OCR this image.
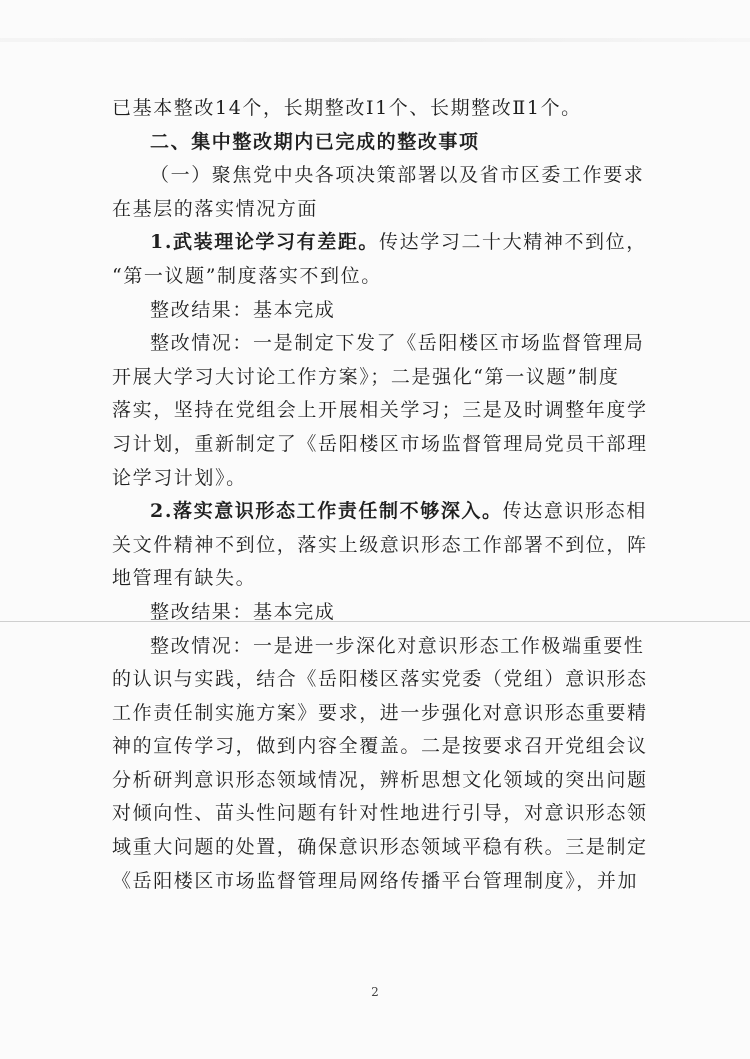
已基本整改14个，长期整改Ⅰ1个、长期整改Ⅱ1个。
二、集中整改期内已完成的整改事项
（一）聚焦党中央各项决策部署以及省市区委工作要求
在基层的落实情况方面
1.武装理论学习有差距。传达学习二十大精神不到位，
“第一议题”制度落实不到位。
整改结果：基本完成
整改情况：一是制定下发了《岳阳楼区市场监督管理局
开展大学习大讨论工作方案》；二是强化“第一议题”制度
落实，坚持在党组会上开展相关学习；三是及时调整年度学
习计划，重新制定了《岳阳楼区市场监督管理局党员干部理
论学习计划》。
2.落实意识形态工作责任制不够深入。传达意识形态相
关文件精神不到位，落实上级意识形态工作部署不到位，阵
地管理有缺失。
整改结果：基本完成
整改情况：一是进一步深化对意识形态工作极端重要性
的认识与实践，结合《岳阳楼区落实党委（党组）意识形态
工作责任制实施方案》要求，进一步强化对意识形态重要精
神的宣传学习，做到内容全覆盖。二是按要求召开党组会议
分析研判意识形态领域情况，辨析思想文化领域的突出问题
对倾向性、苗头性问题有针对性地进行引导，对意识形态领
域重大问题的处置，确保意识形态领域平稳有秩。三是制定
《岳阳楼区市场监督管理局网络传播平台管理制度》，并加
2
